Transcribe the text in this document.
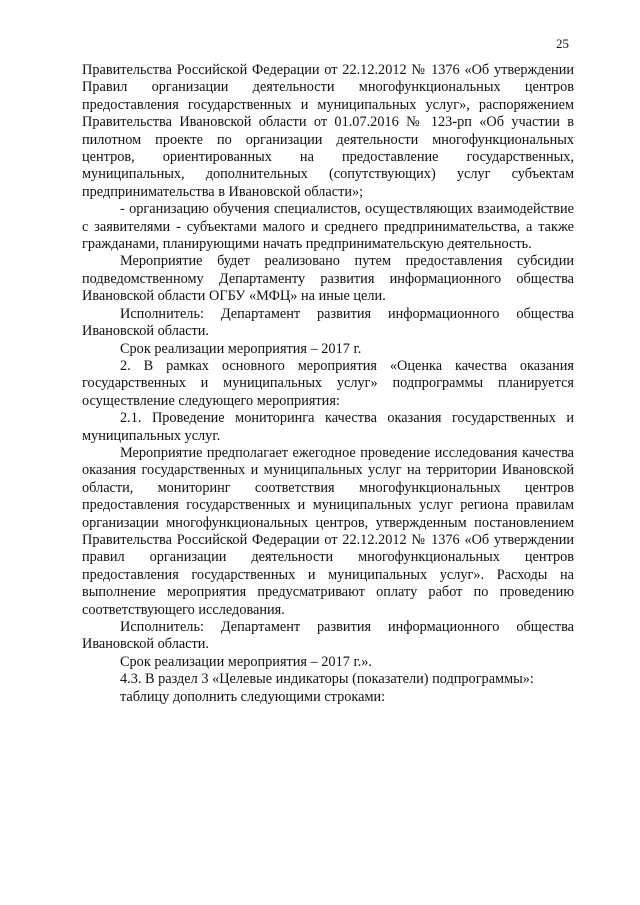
25

Правительства Российской Федерации от 22.12.2012 № 1376 «Об утверждении Правил организации деятельности многофункциональных центров предоставления государственных и муниципальных услуг», распоряжением Правительства Ивановской области от 01.07.2016 № 123-рп «Об участии в пилотном проекте по организации деятельности многофункциональных центров, ориентированных на предоставление государственных, муниципальных, дополнительных (сопутствующих) услуг субъектам предпринимательства в Ивановской области»;

- организацию обучения специалистов, осуществляющих взаимодействие с заявителями - субъектами малого и среднего предпринимательства, а также гражданами, планирующими начать предпринимательскую деятельность.

Мероприятие будет реализовано путем предоставления субсидии подведомственному Департаменту развития информационного общества Ивановской области ОГБУ «МФЦ» на иные цели.

Исполнитель: Департамент развития информационного общества Ивановской области.

Срок реализации мероприятия – 2017 г.

2. В рамках основного мероприятия «Оценка качества оказания государственных и муниципальных услуг» подпрограммы планируется осуществление следующего мероприятия:

2.1. Проведение мониторинга качества оказания государственных и муниципальных услуг.

Мероприятие предполагает ежегодное проведение исследования качества оказания государственных и муниципальных услуг на территории Ивановской области, мониторинг соответствия многофункциональных центров предоставления государственных и муниципальных услуг региона правилам организации многофункциональных центров, утвержденным постановлением Правительства Российской Федерации от 22.12.2012 № 1376 «Об утверждении правил организации деятельности многофункциональных центров предоставления государственных и муниципальных услуг». Расходы на выполнение мероприятия предусматривают оплату работ по проведению соответствующего исследования.

Исполнитель: Департамент развития информационного общества Ивановской области.

Срок реализации мероприятия – 2017 г.».

4.3. В раздел 3 «Целевые индикаторы (показатели) подпрограммы»:

таблицу дополнить следующими строками:
